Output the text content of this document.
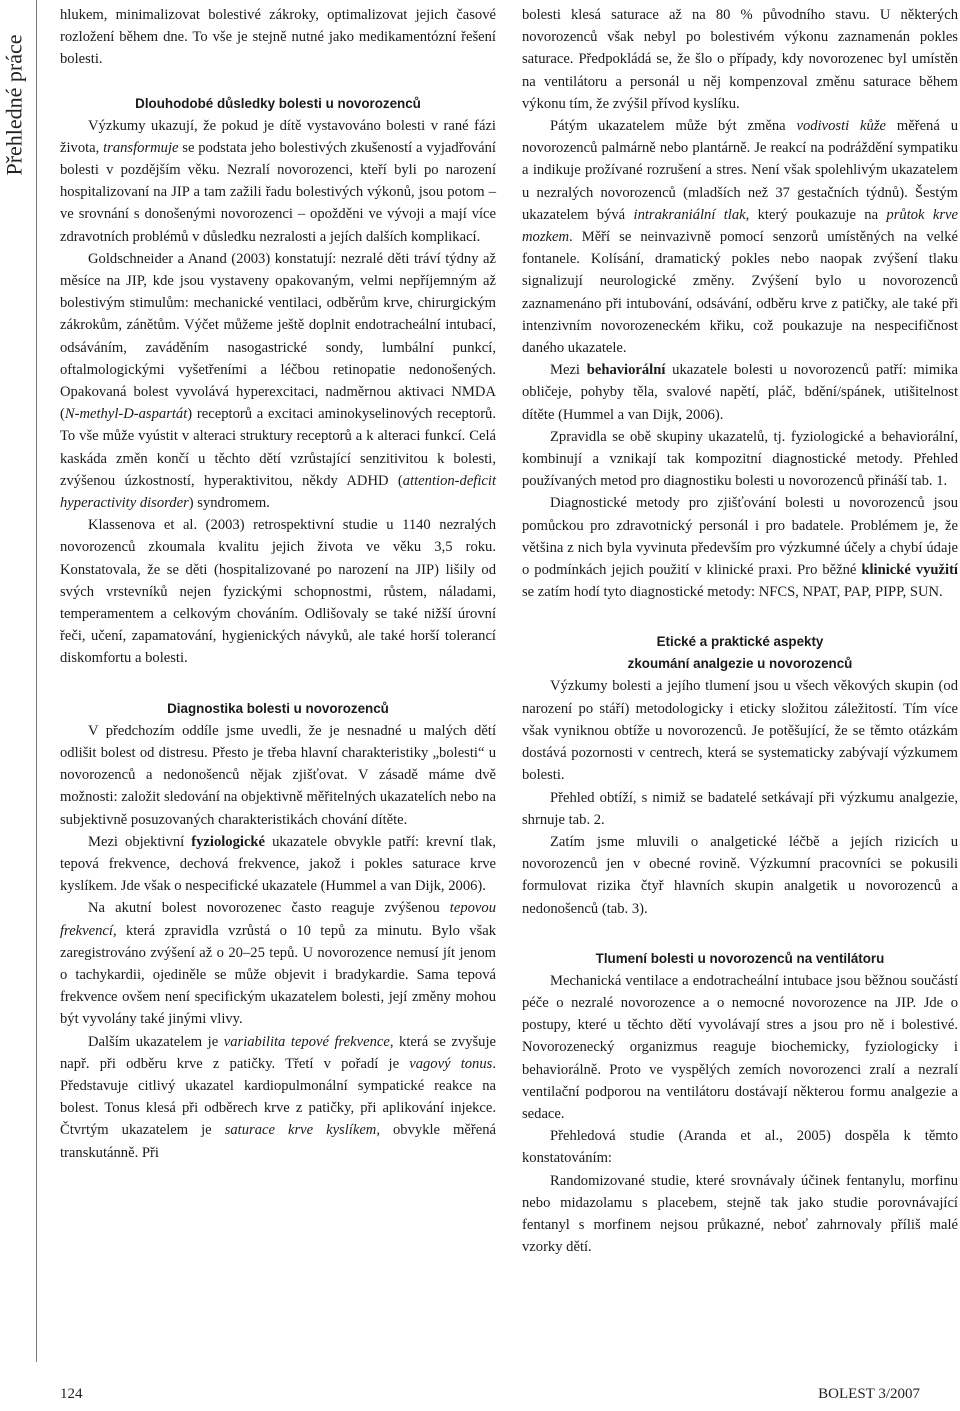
Přehledné práce

hlukem, minimalizovat bolestivé zákroky, optimalizovat jejich časové rozložení během dne. To vše je stejně nutné jako medikamentózní řešení bolesti.

Dlouhodobé důsledky bolesti u novorozenců

Výzkumy ukazují, že pokud je dítě vystavováno bolesti v rané fázi života, transformuje se podstata jeho bolestivých zkušeností a vyjadřování bolesti v pozdějším věku. Nezralí novorozenci, kteří byli po narození hospitalizovaní na JIP a tam zažili řadu bolestivých výkonů, jsou potom – ve srovnání s donošenými novorozenci – opožděni ve vývoji a mají více zdravotních problémů v důsledku nezralosti a jejích dalších komplikací.

Goldschneider a Anand (2003) konstatují: nezralé děti tráví týdny až měsíce na JIP, kde jsou vystaveny opakovaným, velmi nepříjemným až bolestivým stimulům: mechanické ventilaci, odběrům krve, chirurgickým zákrokům, zánětům. Výčet můžeme ještě doplnit endotracheální intubací, odsáváním, zaváděním nasogastrické sondy, lumbální punkcí, oftalmologickými vyšetřeními a léčbou retinopatie nedonošených. Opakovaná bolest vyvolává hyperexcitaci, nadměrnou aktivaci NMDA (N-methyl-D-aspartát) receptorů a excitaci aminokyselinových receptorů. To vše může vyústit v alteraci struktury receptorů a k alteraci funkcí. Celá kaskáda změn končí u těchto dětí vzrůstající senzitivitou k bolesti, zvýšenou úzkostností, hyperaktivitou, někdy ADHD (attention-deficit hyperactivity disorder) syndromem.

Klassenova et al. (2003) retrospektivní studie u 1140 nezralých novorozenců zkoumala kvalitu jejich života ve věku 3,5 roku. Konstatovala, že se děti (hospitalizované po narození na JIP) lišily od svých vrstevníků nejen fyzickými schopnostmi, růstem, náladami, temperamentem a celkovým chováním. Odlišovaly se také nižší úrovní řeči, učení, zapamatování, hygienických návyků, ale také horší tolerancí diskomfortu a bolesti.

Diagnostika bolesti u novorozenců

V předchozím oddíle jsme uvedli, že je nesnadné u malých dětí odlišit bolest od distresu. Přesto je třeba hlavní charakteristiky „bolesti“ u novorozenců a nedonošenců nějak zjišťovat. V zásadě máme dvě možnosti: založit sledování na objektivně měřitelných ukazatelích nebo na subjektivně posuzovaných charakteristikách chování dítěte.

Mezi objektivní fyziologické ukazatele obvykle patří: krevní tlak, tepová frekvence, dechová frekvence, jakož i pokles saturace krve kyslíkem. Jde však o nespecifické ukazatele (Hummel a van Dijk, 2006).

Na akutní bolest novorozenec často reaguje zvýšenou tepovou frekvencí, která zpravidla vzrůstá o 10 tepů za minutu. Bylo však zaregistrováno zvýšení až o 20–25 tepů. U novorozence nemusí jít jenom o tachykardii, ojediněle se může objevit i bradykardie. Sama tepová frekvence ovšem není specifickým ukazatelem bolesti, její změny mohou být vyvolány také jinými vlivy.

Dalším ukazatelem je variabilita tepové frekvence, která se zvyšuje např. při odběru krve z patičky. Třetí v pořadí je vagový tonus. Představuje citlivý ukazatel kardiopulmonální sympatické reakce na bolest. Tonus klesá při odběrech krve z patičky, při aplikování injekce. Čtvrtým ukazatelem je saturace krve kyslíkem, obvykle měřená transkutánně. Při

bolesti klesá saturace až na 80 % původního stavu. U některých novorozenců však nebyl po bolestivém výkonu zaznamenán pokles saturace. Předpokládá se, že šlo o případy, kdy novorozenec byl umístěn na ventilátoru a personál u něj kompenzoval změnu saturace během výkonu tím, že zvýšil přívod kyslíku.

Pátým ukazatelem může být změna vodivosti kůže měřená u novorozenců palmárně nebo plantárně. Je reakcí na podráždění sympatiku a indikuje prožívané rozrušení a stres. Není však spolehlivým ukazatelem u nezralých novorozenců (mladších než 37 gestačních týdnů). Šestým ukazatelem bývá intrakraniální tlak, který poukazuje na průtok krve mozkem. Měří se neinvazivně pomocí senzorů umístěných na velké fontanele. Kolísání, dramatický pokles nebo naopak zvýšení tlaku signalizují neurologické změny. Zvýšení bylo u novorozenců zaznamenáno při intubování, odsávání, odběru krve z patičky, ale také při intenzivním novorozeneckém křiku, což poukazuje na nespecifičnost daného ukazatele.

Mezi behaviorální ukazatele bolesti u novorozenců patří: mimika obličeje, pohyby těla, svalové napětí, pláč, bdění/spánek, utišitelnost dítěte (Hummel a van Dijk, 2006).

Zpravidla se obě skupiny ukazatelů, tj. fyziologické a behaviorální, kombinují a vznikají tak kompozitní diagnostické metody. Přehled používaných metod pro diagnostiku bolesti u novorozenců přináší tab. 1.

Diagnostické metody pro zjišťování bolesti u novorozenců jsou pomůckou pro zdravotnický personál i pro badatele. Problémem je, že většina z nich byla vyvinuta především pro výzkumné účely a chybí údaje o podmínkách jejich použití v klinické praxi. Pro běžné klinické využití se zatím hodí tyto diagnostické metody: NFCS, NPAT, PAP, PIPP, SUN.

Etické a praktické aspekty
zkoumání analgezie u novorozenců

Výzkumy bolesti a jejího tlumení jsou u všech věkových skupin (od narození po stáří) metodologicky i eticky složitou záležitostí. Tím více však vyniknou obtíže u novorozenců. Je potěšující, že se těmto otázkám dostává pozornosti v centrech, která se systematicky zabývají výzkumem bolesti.

Přehled obtíží, s nimiž se badatelé setkávají při výzkumu analgezie, shrnuje tab. 2.

Zatím jsme mluvili o analgetické léčbě a jejích rizicích u novorozenců jen v obecné rovině. Výzkumní pracovníci se pokusili formulovat rizika čtyř hlavních skupin analgetik u novorozenců a nedonošenců (tab. 3).

Tlumení bolesti u novorozenců na ventilátoru

Mechanická ventilace a endotracheální intubace jsou běžnou součástí péče o nezralé novorozence a o nemocné novorozence na JIP. Jde o postupy, které u těchto dětí vyvolávají stres a jsou pro ně i bolestivé. Novorozenecký organizmus reaguje biochemicky, fyziologicky i behaviorálně. Proto ve vyspělých zemích novorozenci zralí a nezralí ventilační podporou na ventilátoru dostávají některou formu analgezie a sedace.

Přehledová studie (Aranda et al., 2005) dospěla k těmto konstatováním:

Randomizované studie, které srovnávaly účinek fentanylu, morfinu nebo midazolamu s placebem, stejně tak jako studie porovnávající fentanyl s morfinem nejsou průkazné, neboť zahrnovaly příliš malé vzorky dětí.

124	BOLEST 3/2007
